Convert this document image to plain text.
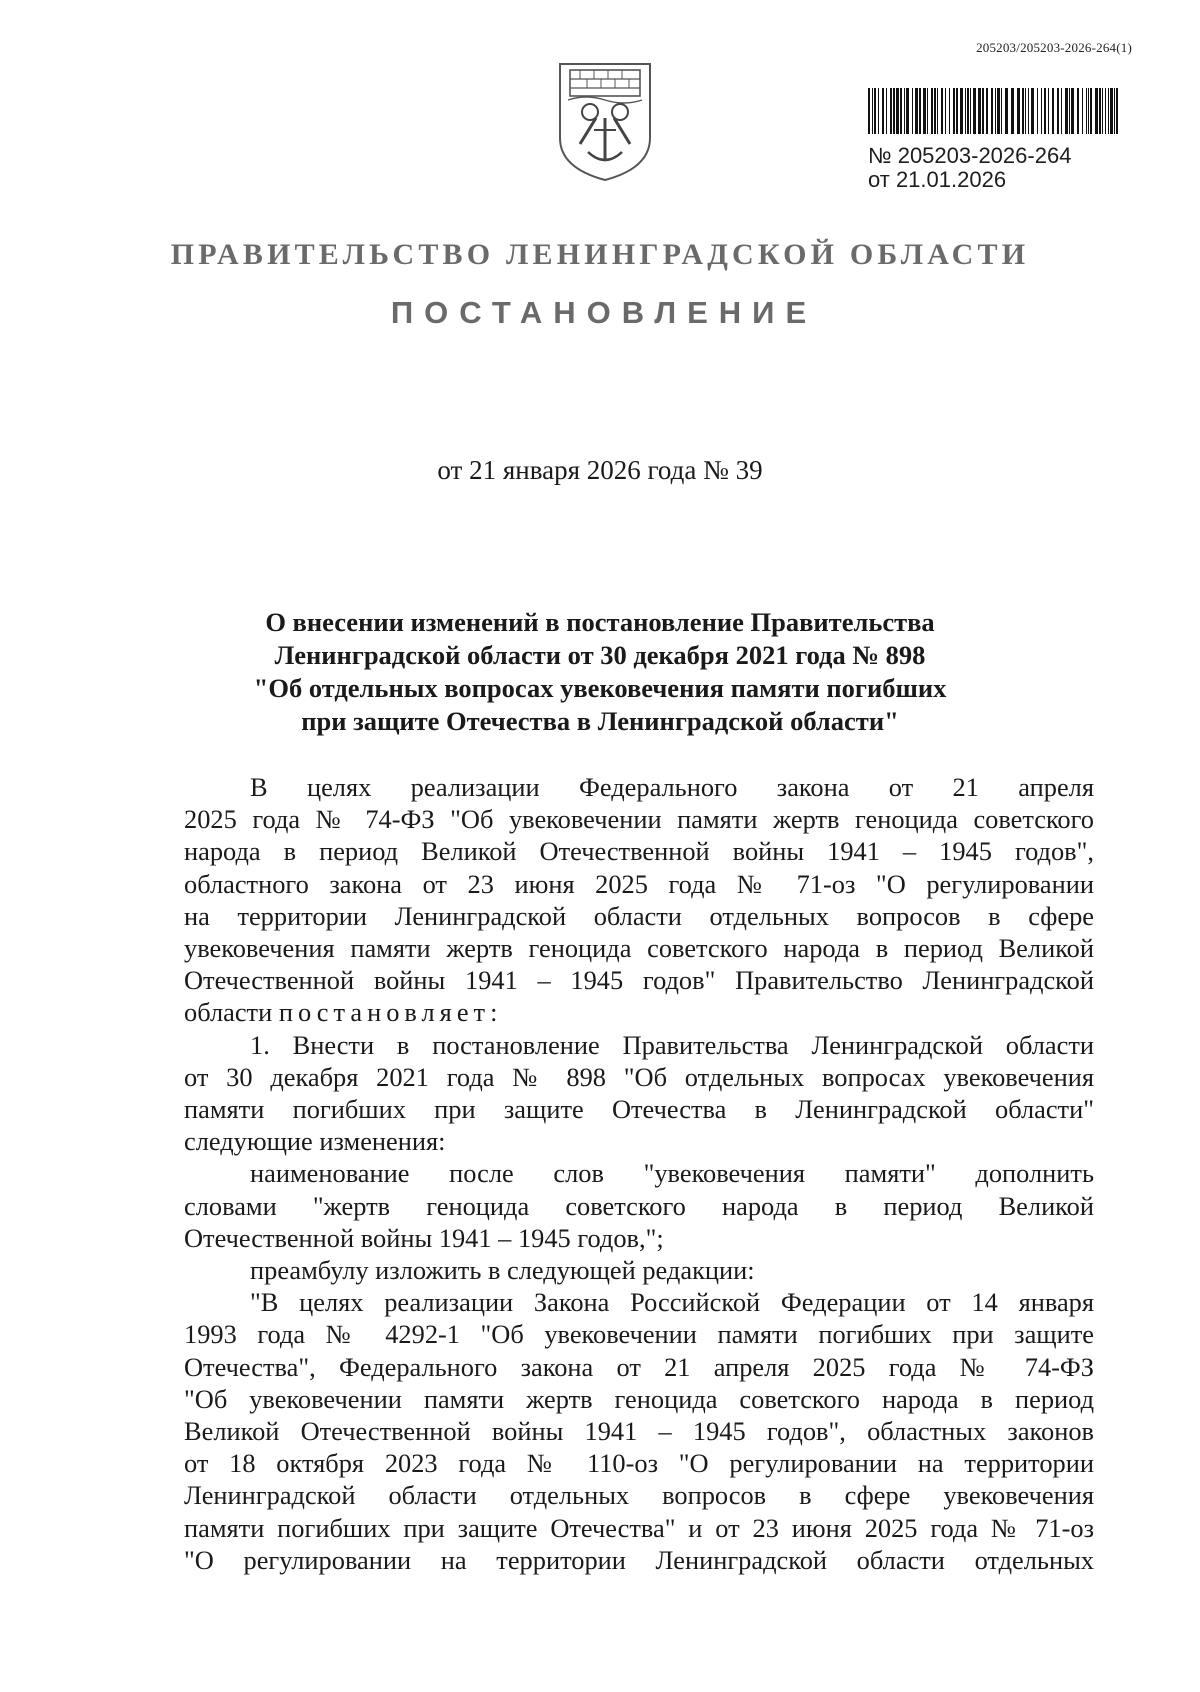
205203/205203-2026-264(1)
№ 205203-2026-264
от 21.01.2026
ПРАВИТЕЛЬСТВО ЛЕНИНГРАДСКОЙ ОБЛАСТИ
ПОСТАНОВЛЕНИЕ
от 21 января 2026 года № 39
О внесении изменений в постановление Правительства
Ленинградской области от 30 декабря 2021 года № 898
"Об отдельных вопросах увековечения памяти погибших
при защите Отечества в Ленинградской области"
В целях реализации Федерального закона от 21 апреля
2025 года № 74-ФЗ "Об увековечении памяти жертв геноцида советского
народа в период Великой Отечественной войны 1941 – 1945 годов",
областного закона от 23 июня 2025 года № 71-оз "О регулировании
на территории Ленинградской области отдельных вопросов в сфере
увековечения памяти жертв геноцида советского народа в период Великой
Отечественной войны 1941 – 1945 годов" Правительство Ленинградской
области постановляет:
1. Внести в постановление Правительства Ленинградской области
от 30 декабря 2021 года № 898 "Об отдельных вопросах увековечения
памяти погибших при защите Отечества в Ленинградской области"
следующие изменения:
наименование после слов "увековечения памяти" дополнить
словами "жертв геноцида советского народа в период Великой
Отечественной войны 1941 – 1945 годов,";
преамбулу изложить в следующей редакции:
"В целях реализации Закона Российской Федерации от 14 января
1993 года № 4292-1 "Об увековечении памяти погибших при защите
Отечества", Федерального закона от 21 апреля 2025 года № 74-ФЗ
"Об увековечении памяти жертв геноцида советского народа в период
Великой Отечественной войны 1941 – 1945 годов", областных законов
от 18 октября 2023 года № 110-оз "О регулировании на территории
Ленинградской области отдельных вопросов в сфере увековечения
памяти погибших при защите Отечества" и от 23 июня 2025 года № 71-оз
"О регулировании на территории Ленинградской области отдельных
